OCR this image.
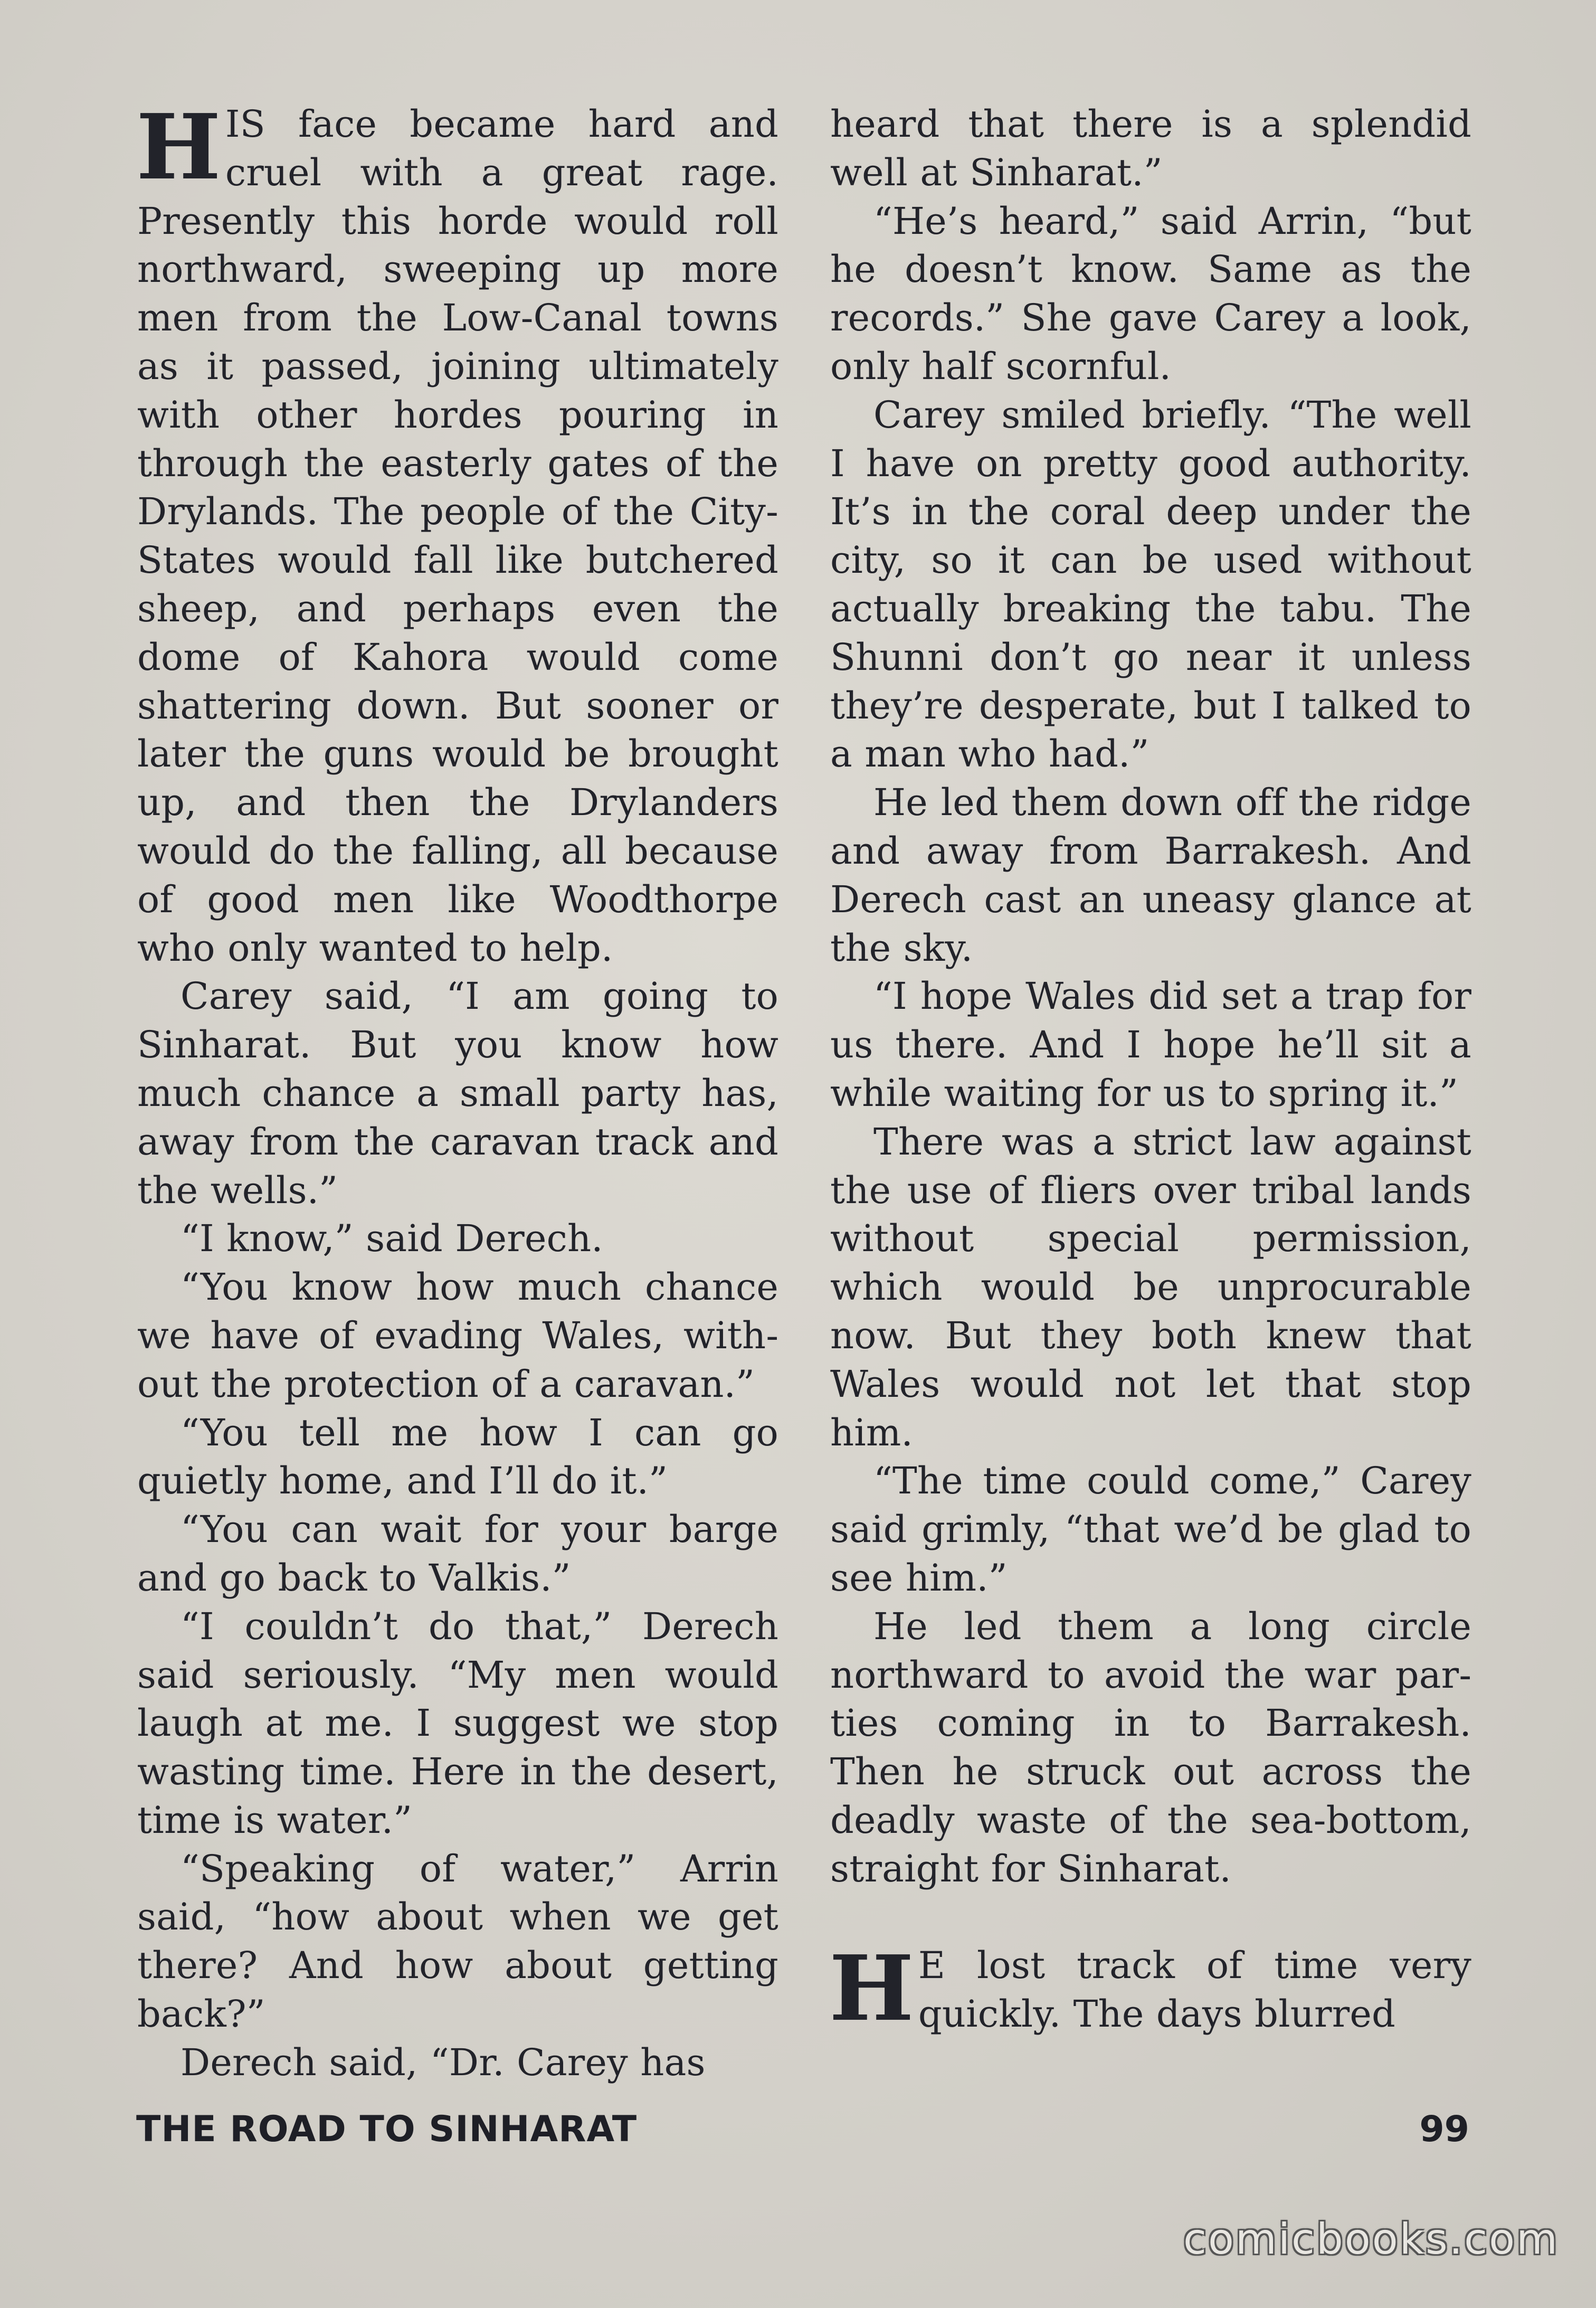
HIS face became hard and cruel with a great rage. Presently this horde would roll northward, sweeping up more men from the Low-Canal towns as it passed, joining ultimately with other hordes pouring in through the easterly gates of the Drylands. The people of the City-States would fall like butchered sheep, and perhaps even the dome of Kahora would come shattering down. But sooner or later the guns would be brought up, and then the Drylanders would do the falling, all because of good men like Woodthorpe who only wanted to help.

Carey said, “I am going to Sinharat. But you know how much chance a small party has, away from the caravan track and the wells.”

“I know,” said Derech.

“You know how much chance we have of evading Wales, without the protection of a caravan.”

“You tell me how I can go quietly home, and I’ll do it.”

“You can wait for your barge and go back to Valkis.”

“I couldn’t do that,” Derech said seriously. “My men would laugh at me. I suggest we stop wasting time. Here in the desert, time is water.”

“Speaking of water,” Arrin said, “how about when we get there? And how about getting back?”

Derech said, “Dr. Carey has

heard that there is a splendid well at Sinharat.”

“He’s heard,” said Arrin, “but he doesn’t know. Same as the records.” She gave Carey a look, only half scornful.

Carey smiled briefly. “The well I have on pretty good authority. It’s in the coral deep under the city, so it can be used without actually breaking the tabu. The Shunni don’t go near it unless they’re desperate, but I talked to a man who had.”

He led them down off the ridge and away from Barrakesh. And Derech cast an uneasy glance at the sky.

“I hope Wales did set a trap for us there. And I hope he’ll sit a while waiting for us to spring it.”

There was a strict law against the use of fliers over tribal lands without special permission, which would be unprocurable now. But they both knew that Wales would not let that stop him.

“The time could come,” Carey said grimly, “that we’d be glad to see him.”

He led them a long circle northward to avoid the war parties coming in to Barrakesh. Then he struck out across the deadly waste of the sea-bottom, straight for Sinharat.

H E lost track of time very quickly. The days blurred

THE ROAD TO SINHARAT	99
comicbooks.com
